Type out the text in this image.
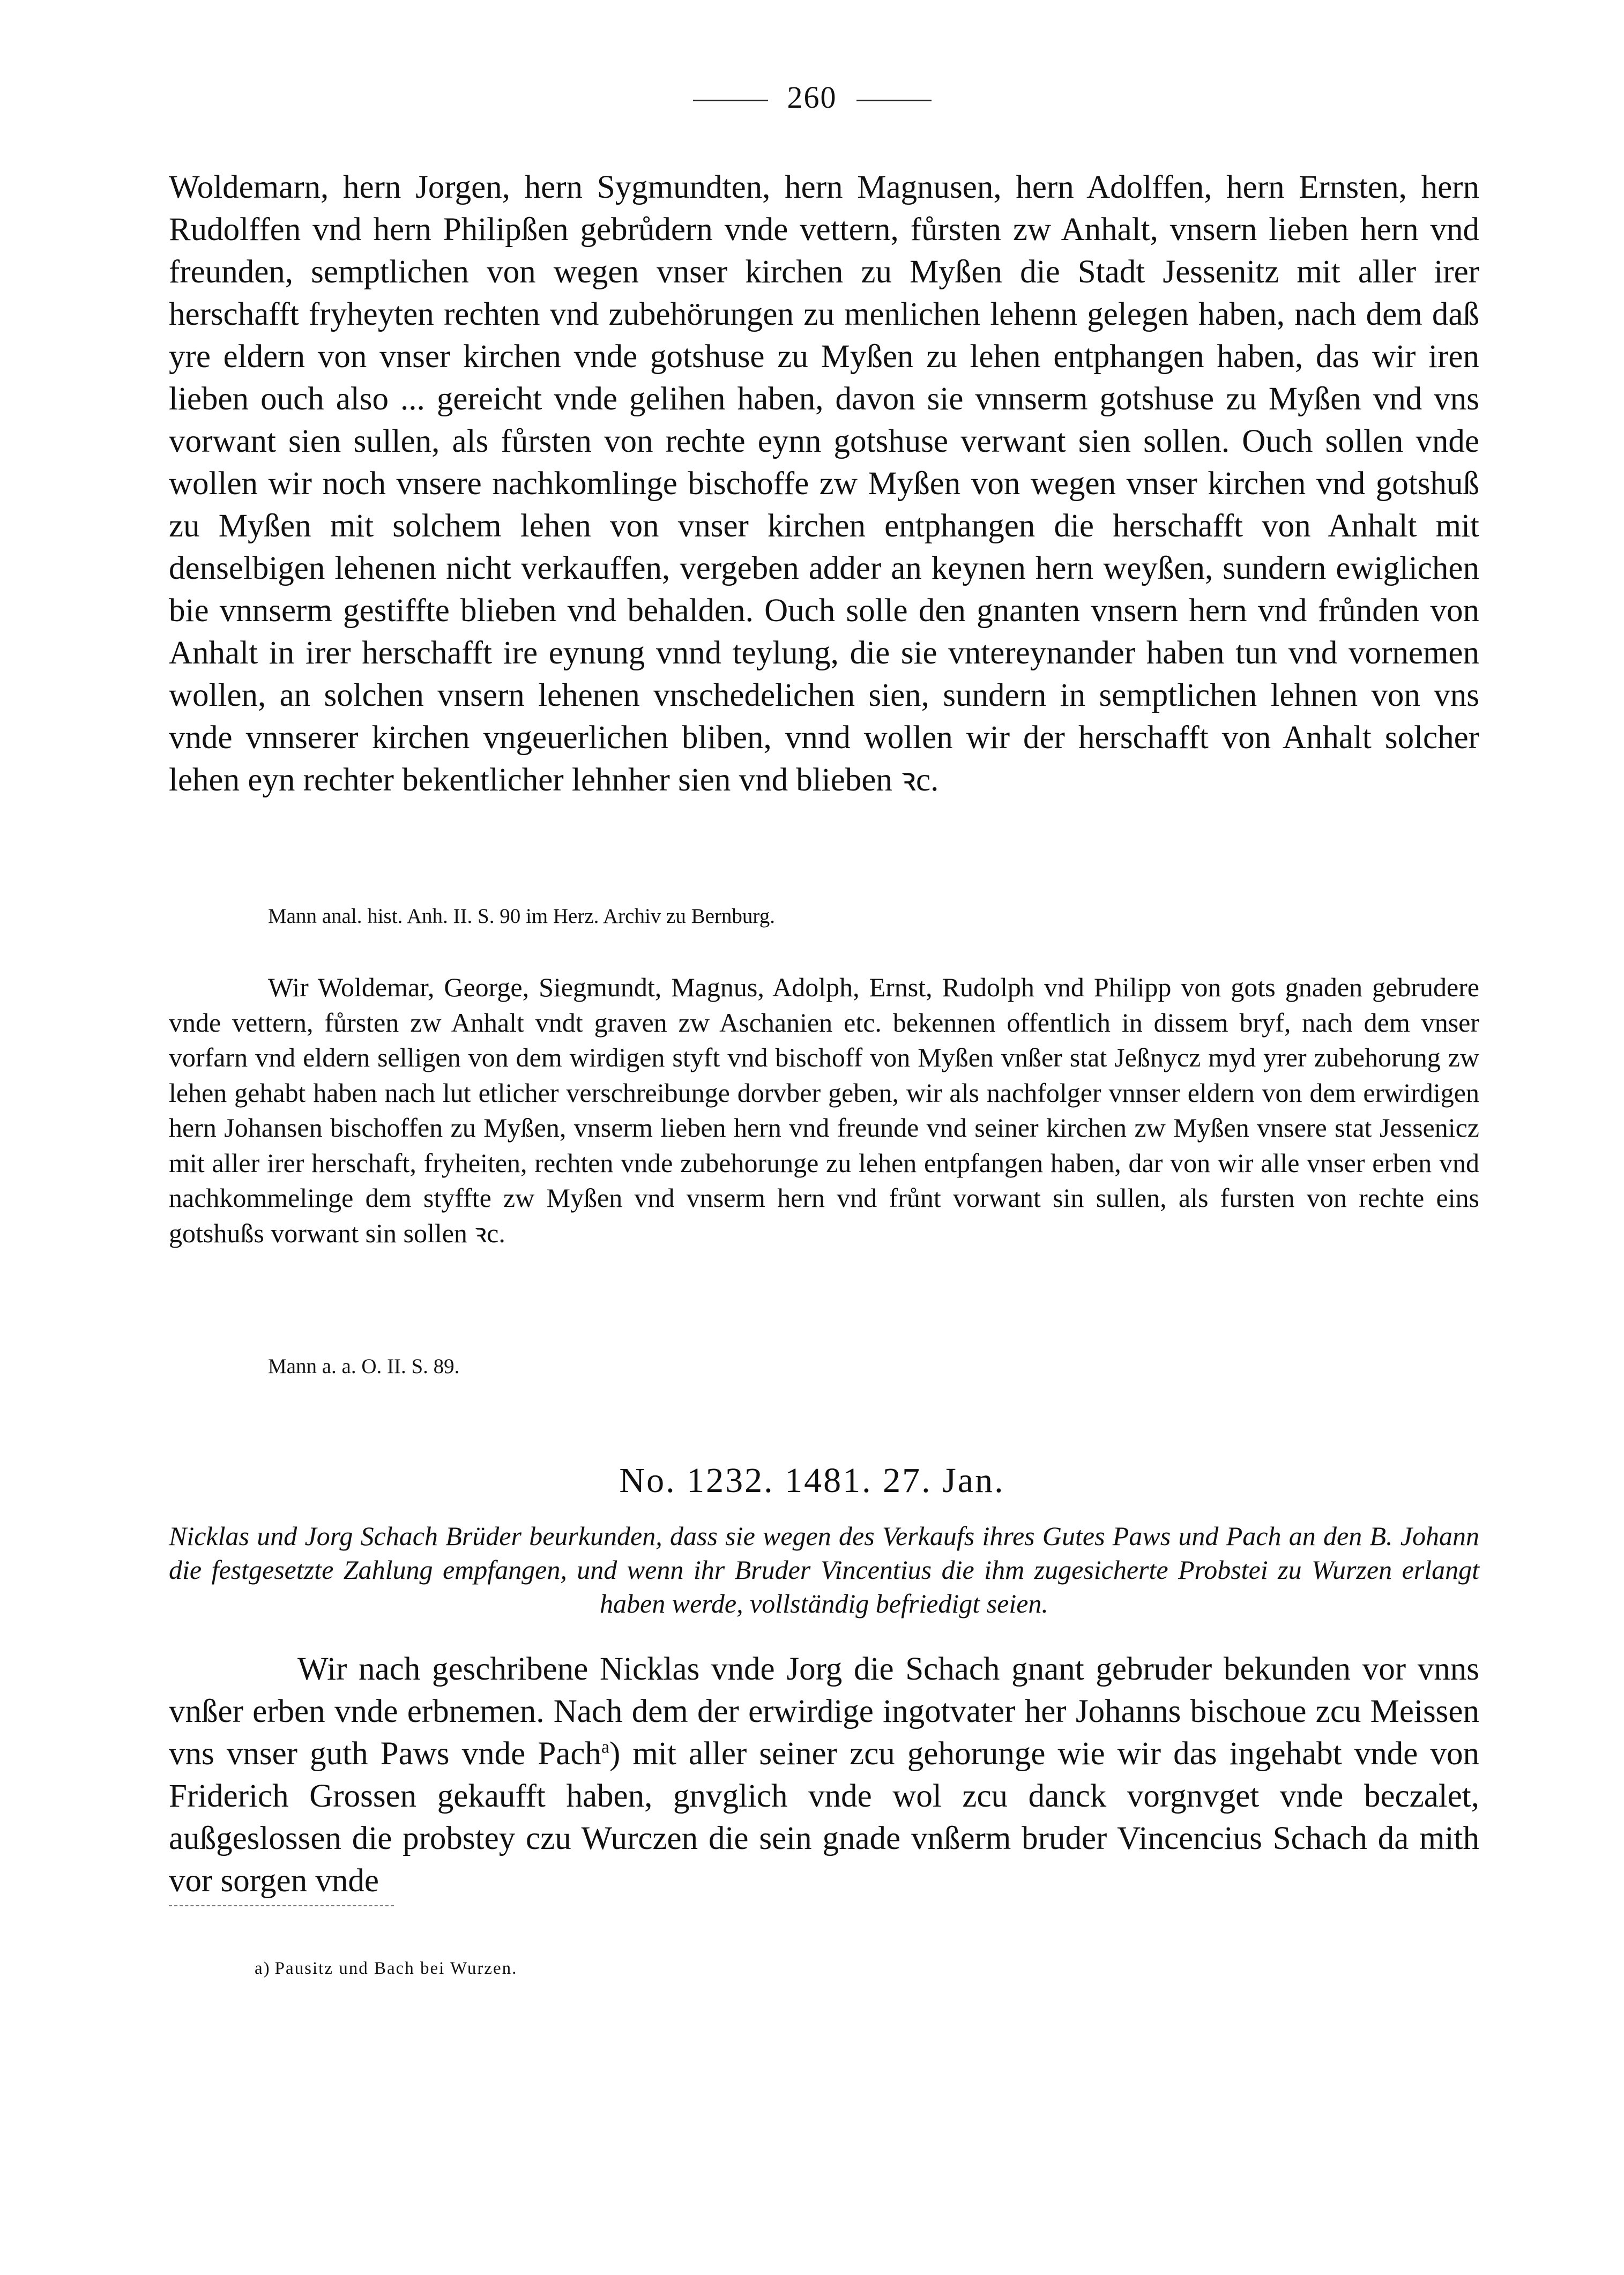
260

Woldemarn, hern Jorgen, hern Sygmundten, hern Magnusen, hern Adolffen, hern Ernsten, hern Rudolffen vnd hern Philipßen gebrůdern vnde vettern, fůrsten zw Anhalt, vnsern lieben hern vnd freunden, semptlichen von wegen vnser kirchen zu Myßen die Stadt Jessenitz mit aller irer herschafft fryheyten rechten vnd zubehörungen zu menlichen lehenn gelegen haben, nach dem daß yre eldern von vnser kirchen vnde gotshuse zu Myßen zu lehen entphangen haben, das wir iren lieben ouch also ... gereicht vnde gelihen haben, davon sie vnnserm gotshuse zu Myßen vnd vns vorwant sien sullen, als fůrsten von rechte eynn gotshuse verwant sien sollen. Ouch sollen vnde wollen wir noch vnsere nachkomlinge bischoffe zw Myßen von wegen vnser kirchen vnd gotshuß zu Myßen mit solchem lehen von vnser kirchen entphangen die herschafft von Anhalt mit denselbigen lehenen nicht verkauffen, vergeben adder an keynen hern weyßen, sundern ewiglichen bie vnnserm gestiffte blieben vnd behalden. Ouch solle den gnanten vnsern hern vnd frůnden von Anhalt in irer herschafft ire eynung vnnd teylung, die sie vntereynander haben tun vnd vornemen wollen, an solchen vnsern lehenen vnschedelichen sien, sundern in semptlichen lehnen von vns vnde vnnserer kirchen vngeuerlichen bliben, vnnd wollen wir der herschafft von Anhalt solcher lehen eyn rechter bekentlicher lehnher sien vnd blieben ꝛc.

Mann anal. hist. Anh. II. S. 90 im Herz. Archiv zu Bernburg.

Wir Woldemar, George, Siegmundt, Magnus, Adolph, Ernst, Rudolph vnd Philipp von gots gnaden gebrudere vnde vettern, fůrsten zw Anhalt vndt graven zw Aschanien etc. bekennen offentlich in dissem bryf, nach dem vnser vorfarn vnd eldern selligen von dem wirdigen styft vnd bischoff von Myßen vnßer stat Jeßnycz myd yrer zubehorung zw lehen gehabt haben nach lut etlicher verschreibunge dorvber geben, wir als nachfolger vnnser eldern von dem erwirdigen hern Johansen bischoffen zu Myßen, vnserm lieben hern vnd freunde vnd seiner kirchen zw Myßen vnsere stat Jessenicz mit aller irer herschaft, fryheiten, rechten vnde zubehorunge zu lehen entpfangen haben, dar von wir alle vnser erben vnd nachkommelinge dem styffte zw Myßen vnd vnserm hern vnd frůnt vorwant sin sullen, als fursten von rechte eins gotshußs vorwant sin sollen ꝛc.

Mann a. a. O. II. S. 89.
No. 1232. 1481. 27. Jan.
Nicklas und Jorg Schach Brüder beurkunden, dass sie wegen des Verkaufs ihres Gutes Paws und Pach an den B. Johann die festgesetzte Zahlung empfangen, und wenn ihr Bruder Vincentius die ihm zugesicherte Probstei zu Wurzen erlangt haben werde, vollständig befriedigt seien.

Wir nach geschribene Nicklas vnde Jorg die Schach gnant gebruder bekunden vor vnns vnßer erben vnde erbnemen. Nach dem der erwirdige ingotvater her Johanns bischoue zcu Meissen vns vnser guth Paws vnde Pach$^a$) mit aller seiner zcu gehorunge wie wir das ingehabt vnde von Friderich Grossen gekaufft haben, gnvglich vnde wol zcu danck vorgnvget vnde beczalet, außgeslossen die probstey czu Wurczen die sein gnade vnßerm bruder Vincencius Schach da mith vor sorgen vnde

a) Pausitz und Bach bei Wurzen.
